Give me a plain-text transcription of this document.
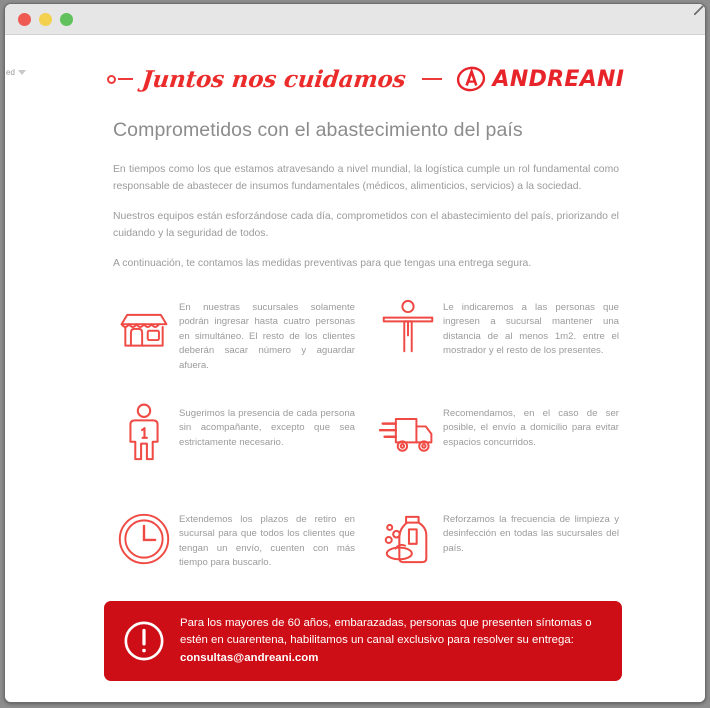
ed	Juntos nos cuidamos	ANDREANI
Comprometidos con el abastecimiento del país

En tiempos como los que estamos atravesando a nivel mundial, la logística cumple un rol fundamental como responsable de abastecer de insumos fundamentales (médicos, alimenticios, servicios) a la sociedad.

Nuestros equipos están esforzándose cada día, comprometidos con el abastecimiento del país, priorizando el cuidando y la seguridad de todos.

A continuación, te contamos las medidas preventivas para que tengas una entrega segura.

En nuestras sucursales solamente podrán ingresar hasta cuatro personas en simultáneo. El resto de los clientes deberán sacar número y aguardar afuera.
Le indicaremos a las personas que ingresen a sucursal mantener una distancia de al menos 1m2. entre el mostrador y el resto de los presentes.
Sugerimos la presencia de cada persona sin acompañante, excepto que sea estrictamente necesario.
Recomendamos, en el caso de ser posible, el envío a domicilio para evitar espacios concurridos.
Extendemos los plazos de retiro en sucursal para que todos los clientes que tengan un envío, cuenten con más tiempo para buscarlo.
Reforzamos la frecuencia de limpieza y desinfección en todas las sucursales del país.
Para los mayores de 60 años, embarazadas, personas que presenten síntomas o estén en cuarentena, habilitamos un canal exclusivo para resolver su entrega: consultas@andreani.com
